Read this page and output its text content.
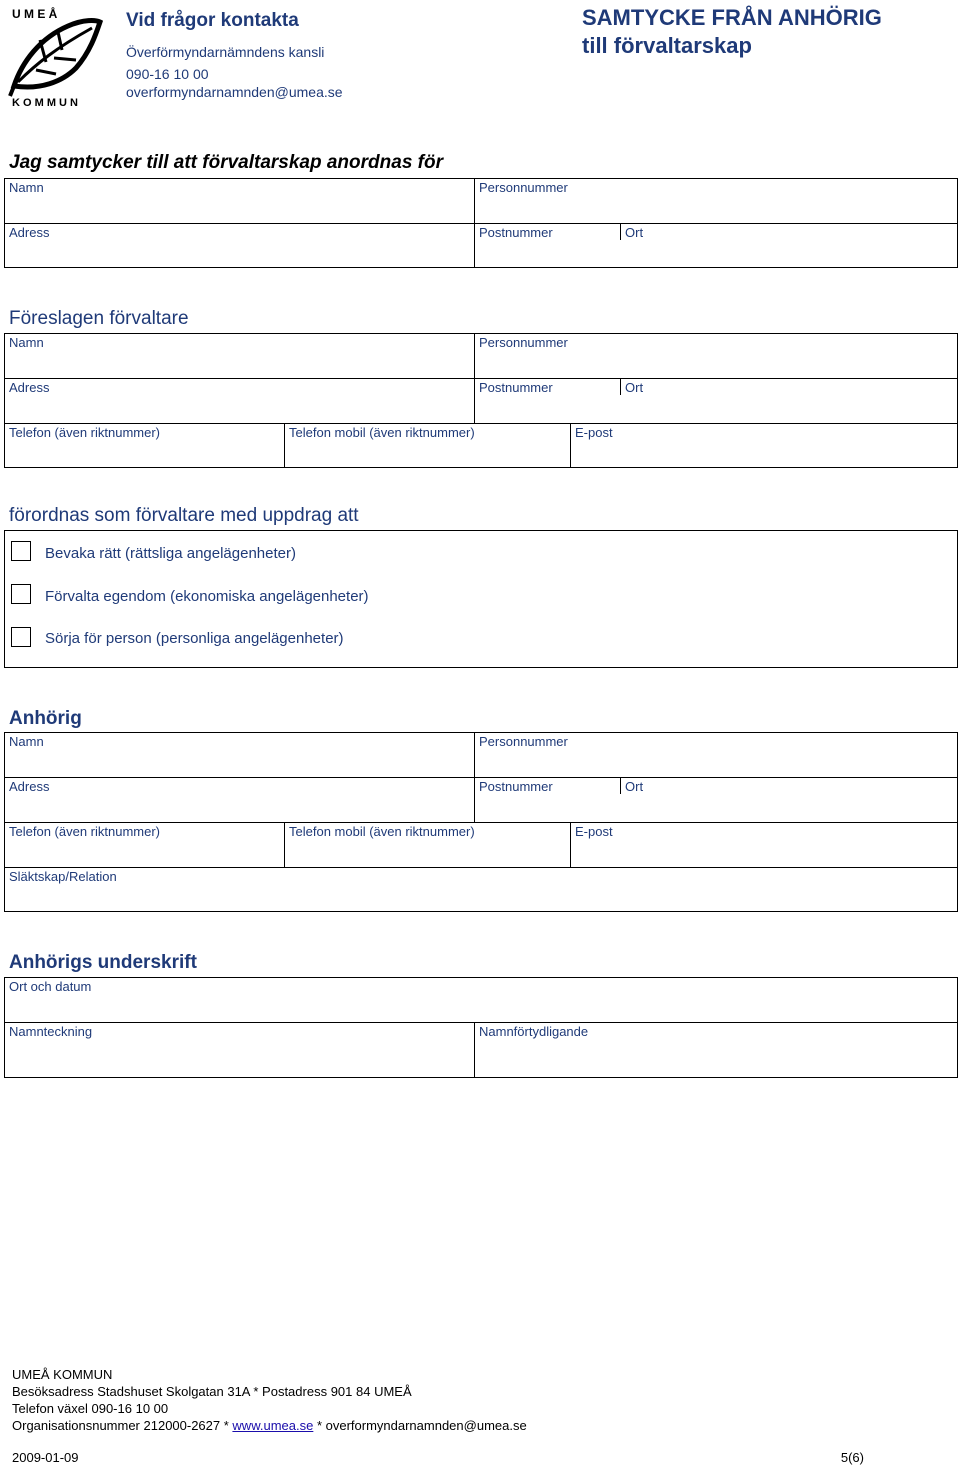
U M E Å
K O M M U N
Vid frågor kontakta
Överförmyndarnämndens kansli
090-16 10 00
overformyndarnamnden@umea.se
SAMTYCKE FRÅN ANHÖRIG
till förvaltarskap
Jag samtycker till att förvaltarskap anordnas för
Namn	Personnummer
Adress	Postnummer	Ort
Föreslagen förvaltare
Namn	Personnummer
Adress	Postnummer	Ort
Telefon (även riktnummer)	Telefon mobil (även riktnummer)	E-post
förordnas som förvaltare med uppdrag att
Bevaka rätt (rättsliga angelägenheter)
Förvalta egendom (ekonomiska angelägenheter)
Sörja för person (personliga angelägenheter)
Anhörig
Namn	Personnummer
Adress	Postnummer	Ort
Telefon (även riktnummer)	Telefon mobil (även riktnummer)	E-post
Släktskap/Relation
Anhörigs underskrift
Ort och datum
Namnteckning	Namnförtydligande
UMEÅ KOMMUN
Besöksadress Stadshuset Skolgatan 31A * Postadress 901 84 UMEÅ
Telefon växel 090-16 10 00
Organisationsnummer 212000-2627 * www.umea.se * overformyndarnamnden@umea.se
2009-01-09	5(6)
